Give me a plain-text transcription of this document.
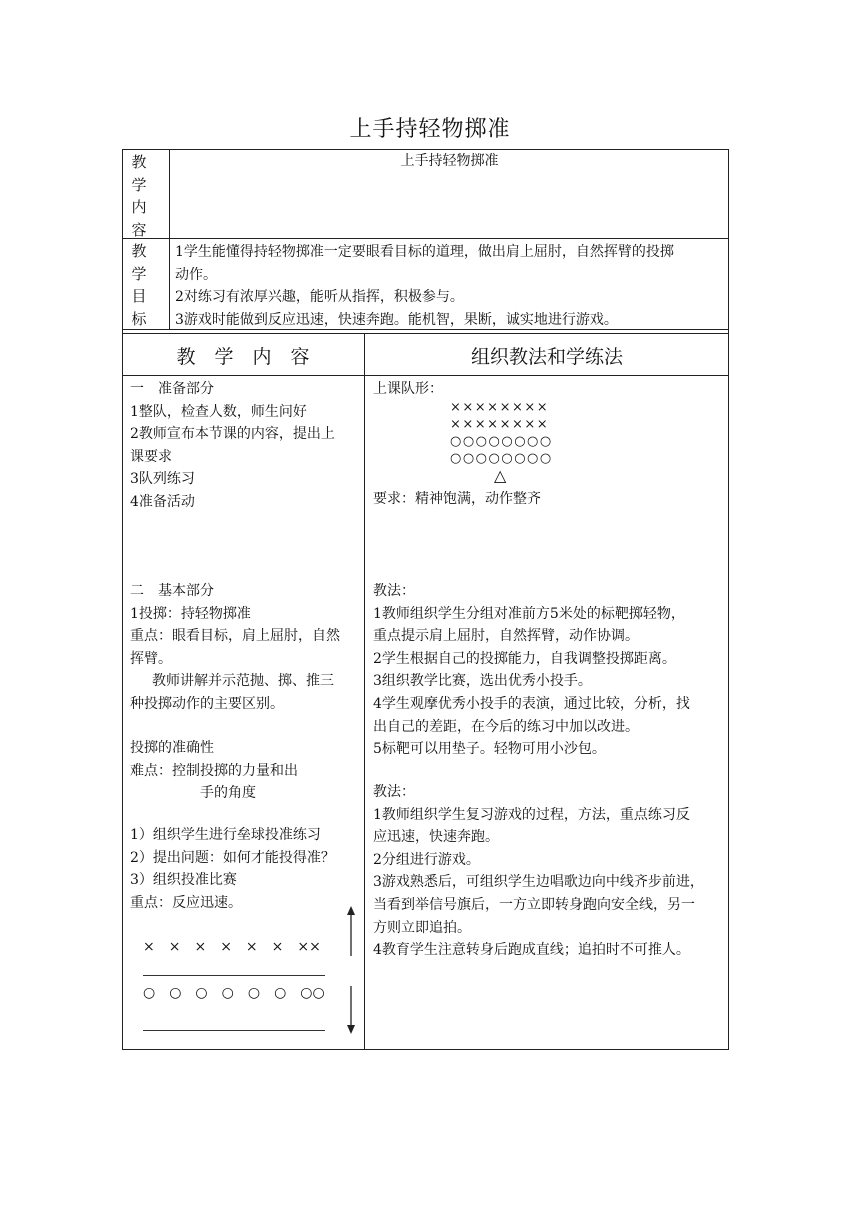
上手持轻物掷准
教
学
内
容
上手持轻物掷准
教
学
目
标
1学生能懂得持轻物掷准一定要眼看目标的道理，做出肩上屈肘，自然挥臂的投掷
动作。
2对练习有浓厚兴趣，能听从指挥，积极参与。
3游戏时能做到反应迅速，快速奔跑。能机智，果断，诚实地进行游戏。
教　学　内　容	组织教法和学练法
一　准备部分
1整队，检查人数，师生问好
2教师宣布本节课的内容，提出上
课要求
3队列练习
4准备活动
二　基本部分
1投掷：持轻物掷准
重点：眼看目标，肩上屈肘，自然
挥臂。
教师讲解并示范抛、掷、推三
种投掷动作的主要区别。
投掷的准确性
难点：控制投掷的力量和出
手的角度
1）组织学生进行垒球投准练习
2）提出问题：如何才能投得准？
3）组织投准比赛
重点：反应迅速。
×　×　×　×　×　×　××
○　○　○　○　○　○　○○
上课队形：
××××××××
××××××××
○○○○○○○○
○○○○○○○○
△
要求：精神饱满，动作整齐
教法：
1教师组织学生分组对准前方5米处的标靶掷轻物，
重点提示肩上屈肘，自然挥臂，动作协调。
2学生根据自己的投掷能力，自我调整投掷距离。
3组织教学比赛，选出优秀小投手。
4学生观摩优秀小投手的表演，通过比较，分析，找
出自己的差距，在今后的练习中加以改进。
5标靶可以用垫子。轻物可用小沙包。
教法：
1教师组织学生复习游戏的过程，方法，重点练习反
应迅速，快速奔跑。
2分组进行游戏。
3游戏熟悉后，可组织学生边唱歌边向中线齐步前进，
当看到举信号旗后，一方立即转身跑向安全线，另一
方则立即追拍。
4教育学生注意转身后跑成直线；追拍时不可推人。
